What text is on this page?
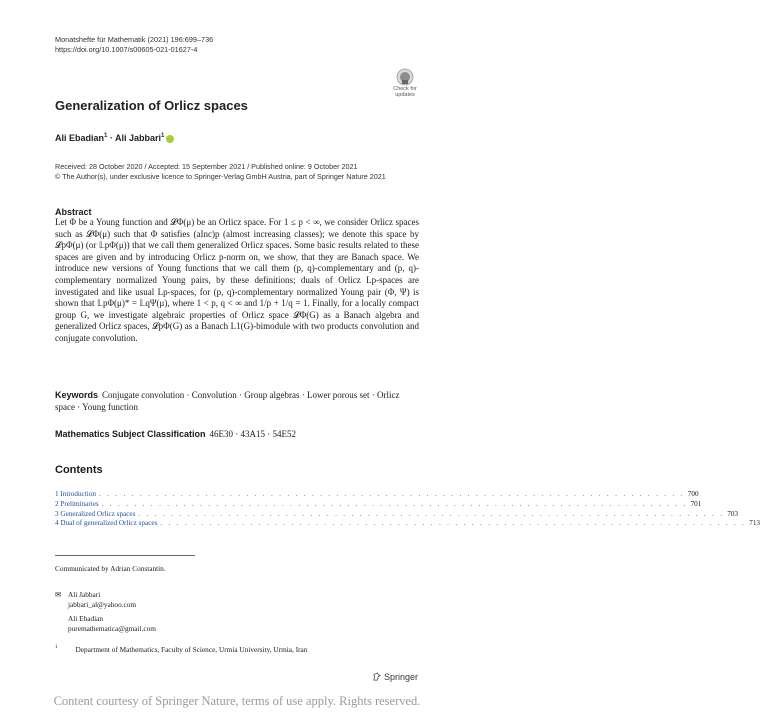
Monatshefte für Mathematik (2021) 196:699–736
https://doi.org/10.1007/s00605-021-01627-4
Check for
updates
Generalization of Orlicz spaces
Ali Ebadian$^1$ · Ali Jabbari$^1$
Received: 28 October 2020 / Accepted: 15 September 2021 / Published online: 9 October 2021
© The Author(s), under exclusive licence to Springer-Verlag GmbH Austria, part of Springer Nature 2021
Abstract
Let Φ be a Young function and 𝓛Φ(μ) be an Orlicz space. For 1 ≤ p < ∞, we consider Orlicz spaces such as 𝓛Φ(μ) such that Φ satisfies (aInc)p (almost increasing classes); we denote this space by 𝓛pΦ(μ) (or 𝕃pΦ(μ)) that we call them generalized Orlicz spaces. Some basic results related to these spaces are given and by introducing Orlicz p-norm on, we show, that they are Banach space. We introduce new versions of Young functions that we call them (p, q)-complementary and (p, q)-complementary normalized Young pairs, by these definitions; duals of Orlicz Lp-spaces are investigated and like usual Lp-spaces, for (p, q)-complementary normalized Young pair (Φ, Ψ) is shown that 𝕃pΦ(μ)* = 𝕃qΨ(μ), where 1 < p, q < ∞ and 1/p + 1/q = 1. Finally, for a locally compact group G, we investigate algebraic properties of Orlicz space 𝓛Φ(G) as a Banach algebra and generalized Orlicz spaces, 𝓛pΦ(G) as a Banach L1(G)-bimodule with two products convolution and conjugate convolution.
Keywords Conjugate convolution · Convolution · Group algebras · Lower porous set · Orlicz space · Young function
Mathematics Subject Classification 46E30 · 43A15 · 54E52
Contents
1 Introduction . . . . . . . . . . . . . . . . . . . . . . . . . . . . . . . . . . . . . . . . . . . . . . . . . . . . . . . . . . . . . . . . . . . . . . . . 700
2 Preliminaries . . . . . . . . . . . . . . . . . . . . . . . . . . . . . . . . . . . . . . . . . . . . . . . . . . . . . . . . . . . . . . . . . . . . . . . . 701
3 Generalized Orlicz spaces . . . . . . . . . . . . . . . . . . . . . . . . . . . . . . . . . . . . . . . . . . . . . . . . . . . . . . . . . . . . . . . . . . . . . . . . 703
4 Dual of generalized Orlicz spaces . . . . . . . . . . . . . . . . . . . . . . . . . . . . . . . . . . . . . . . . . . . . . . . . . . . . . . . . . . . . . . . . . . . . . . . . 713
Communicated by Adrian Constantin.
✉ Ali Jabbari
jabbari_al@yahoo.com
Ali Ebadian
puremathematica@gmail.com
$^1$ Department of Mathematics, Faculty of Science, Urmia University, Urmia, Iran
Springer
Content courtesy of Springer Nature, terms of use apply. Rights reserved.
